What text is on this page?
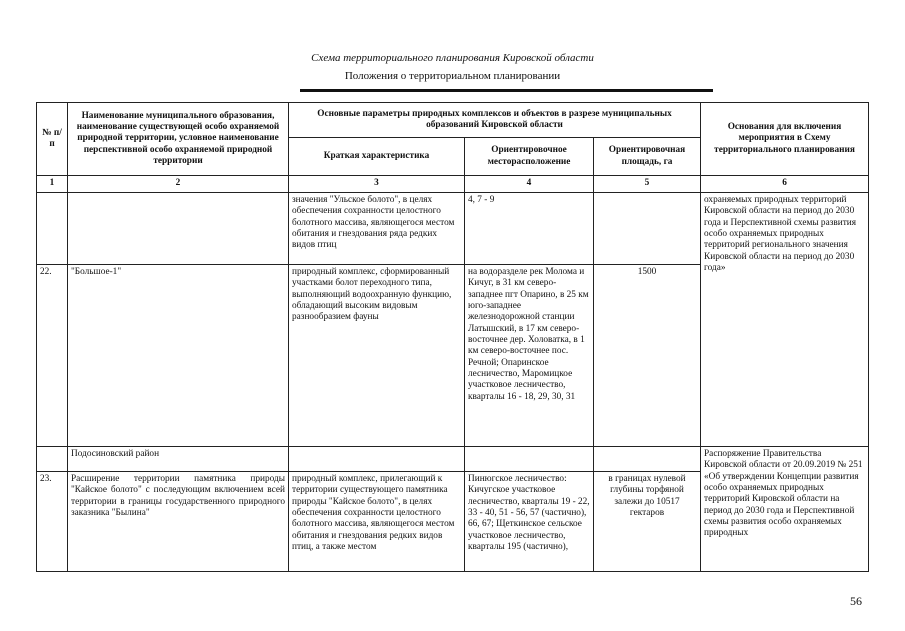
Схема территориального планирования Кировской области
Положения о территориальном планировании
№ п/п	Наименование муниципального образования, наименование существующей особо охраняемой природной территории, условное наименование перспективной особо охраняемой природной территории	Основные параметры природных комплексов и объектов в разрезе муниципальных образований Кировской области			Основания для включения мероприятия в Схему территориального планирования
		Краткая характеристика	Ориентировочное месторасположение	Ориентировочная площадь, га	
1	2	3	4	5	6
		значения "Ульское болото", в целях обеспечения сохранности целостного болотного массива, являющегося местом обитания и гнездования ряда редких видов птиц	4, 7 - 9		охраняемых природных территорий Кировской области на период до 2030 года и Перспективной схемы развития особо охраняемых природных территорий регионального значения Кировской области на период до 2030 года»
22.	"Большое-1"	природный комплекс, сформированный участками болот переходного типа, выполняющий водоохранную функцию, обладающий высоким видовым разнообразием фауны	на водоразделе рек Молома и Кичуг, в 31 км северо-западнее пгт Опарино, в 25 км юго-западнее железнодорожной станции Латышский, в 17 км северо-восточнее дер. Холоватка, в 1 км северо-восточнее пос. Речной; Опаринское лесничество, Маромицкое участковое лесничество, кварталы 16 - 18, 29, 30, 31	1500	
	Подосиновский район				Распоряжение Правительства Кировской области от 20.09.2019 № 251 «Об утверждении Концепции развития особо охраняемых природных территорий Кировской области на период до 2030 года и Перспективной схемы развития особо охраняемых природных
23.	Расширение территории памятника природы "Кайское болото" с последующим включением всей территории в границы государственного природного заказника "Былина"	природный комплекс, прилегающий к территории существующего памятника природы "Кайское болото", в целях обеспечения сохранности целостного болотного массива, являющегося местом обитания и гнездования редких видов птиц, а также местом	Пинюгское лесничество: Кичугское участковое лесничество, кварталы 19 - 22, 33 - 40, 51 - 56, 57 (частично), 66, 67; Щеткинское сельское участковое лесничество, кварталы 195 (частично),	в границах нулевой глубины торфяной залежи до 10517 гектаров	
56
